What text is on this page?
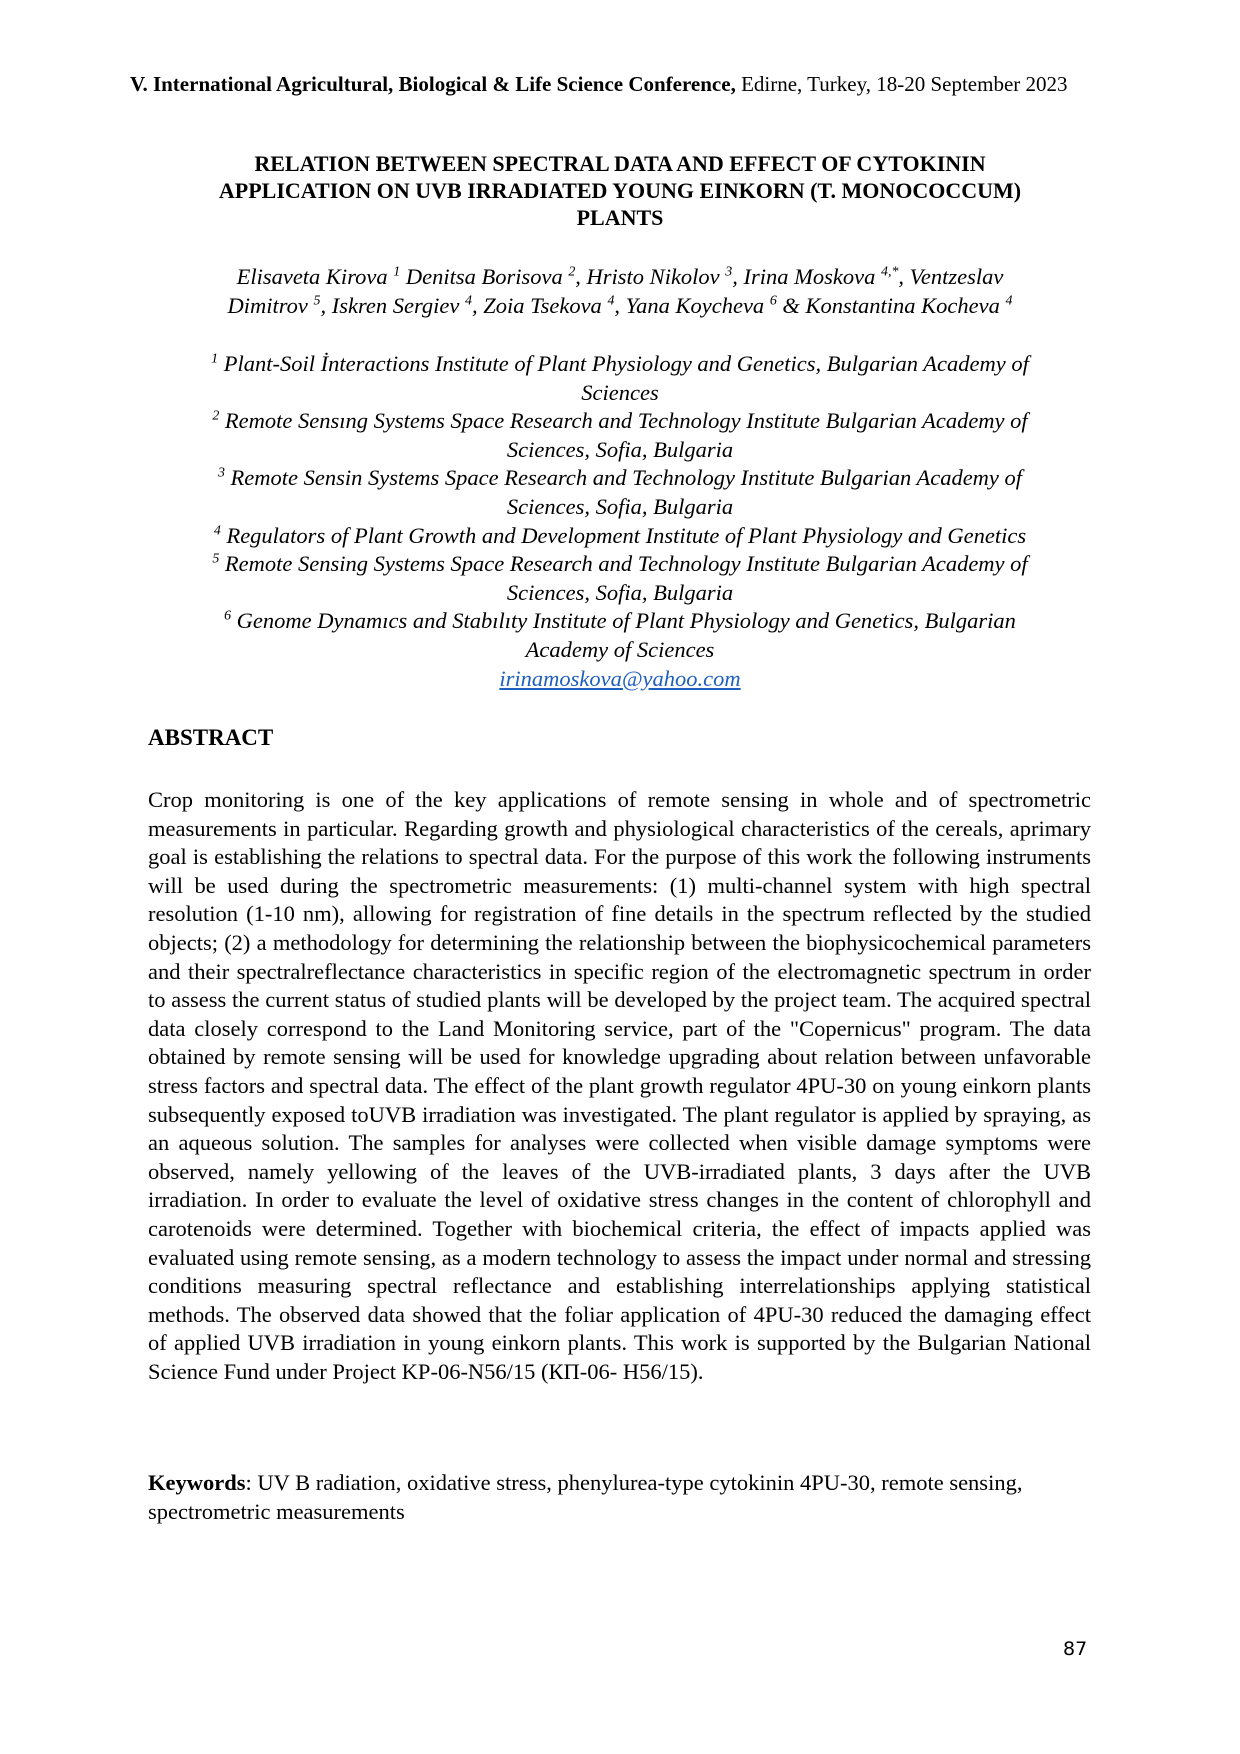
V. International Agricultural, Biological & Life Science Conference, Edirne, Turkey, 18-20 September 2023
RELATION BETWEEN SPECTRAL DATA AND EFFECT OF CYTOKININ
APPLICATION ON UVB IRRADIATED YOUNG EINKORN (T. MONOCOCCUM)
PLANTS
Elisaveta Kirova $^1$ Denitsa Borisova $^2$, Hristo Nikolov $^3$, Irina Moskova $^{4,*}$, Ventzeslav
Dimitrov $^5$, Iskren Sergiev $^4$, Zoia Tsekova $^4$, Yana Koycheva $^6$ & Konstantina Kocheva $^4$
$^1$ Plant-Soil İnteractions Institute of Plant Physiology and Genetics, Bulgarian Academy of
Sciences
$^2$ Remote Sensıng Systems Space Research and Technology Institute Bulgarian Academy of
Sciences, Sofia, Bulgaria
$^3$ Remote Sensin Systems Space Research and Technology Institute Bulgarian Academy of
Sciences, Sofia, Bulgaria
$^4$ Regulators of Plant Growth and Development Institute of Plant Physiology and Genetics
$^5$ Remote Sensing Systems Space Research and Technology Institute Bulgarian Academy of
Sciences, Sofia, Bulgaria
$^6$ Genome Dynamıcs and Stabılıty Institute of Plant Physiology and Genetics, Bulgarian
Academy of Sciences
irinamoskova@yahoo.com
ABSTRACT

Crop monitoring is one of the key applications of remote sensing in whole and of spectrometric measurements in particular. Regarding growth and physiological characteristics of the cereals, aprimary goal is establishing the relations to spectral data. For the purpose of this work the following instruments will be used during the spectrometric measurements: (1) multi-channel system with high spectral resolution (1-10 nm), allowing for registration of fine details in the spectrum reflected by the studied objects; (2) a methodology for determining the relationship between the biophysicochemical parameters and their spectralreflectance characteristics in specific region of the electromagnetic spectrum in order to assess the current status of studied plants will be developed by the project team. The acquired spectral data closely correspond to the Land Monitoring service, part of the "Copernicus" program. The data obtained by remote sensing will be used for knowledge upgrading about relation between unfavorable stress factors and spectral data. The effect of the plant growth regulator 4PU-30 on young einkorn plants subsequently exposed toUVB irradiation was investigated. The plant regulator is applied by spraying, as an aqueous solution. The samples for analyses were collected when visible damage symptoms were observed, namely yellowing of the leaves of the UVB-irradiated plants, 3 days after the UVB irradiation. In order to evaluate the level of oxidative stress changes in the content of chlorophyll and carotenoids were determined. Together with biochemical criteria, the effect of impacts applied was evaluated using remote sensing, as a modern technology to assess the impact under normal and stressing conditions measuring spectral reflectance and establishing interrelationships applying statistical methods. The observed data showed that the foliar application of 4PU-30 reduced the damaging effect of applied UVB irradiation in young einkorn plants. This work is supported by the Bulgarian National Science Fund under Project KP-06-N56/15 (КП-06- Н56/15).

Keywords: UV B radiation, oxidative stress, phenylurea-type cytokinin 4PU-30, remote sensing, spectrometric measurements

87
